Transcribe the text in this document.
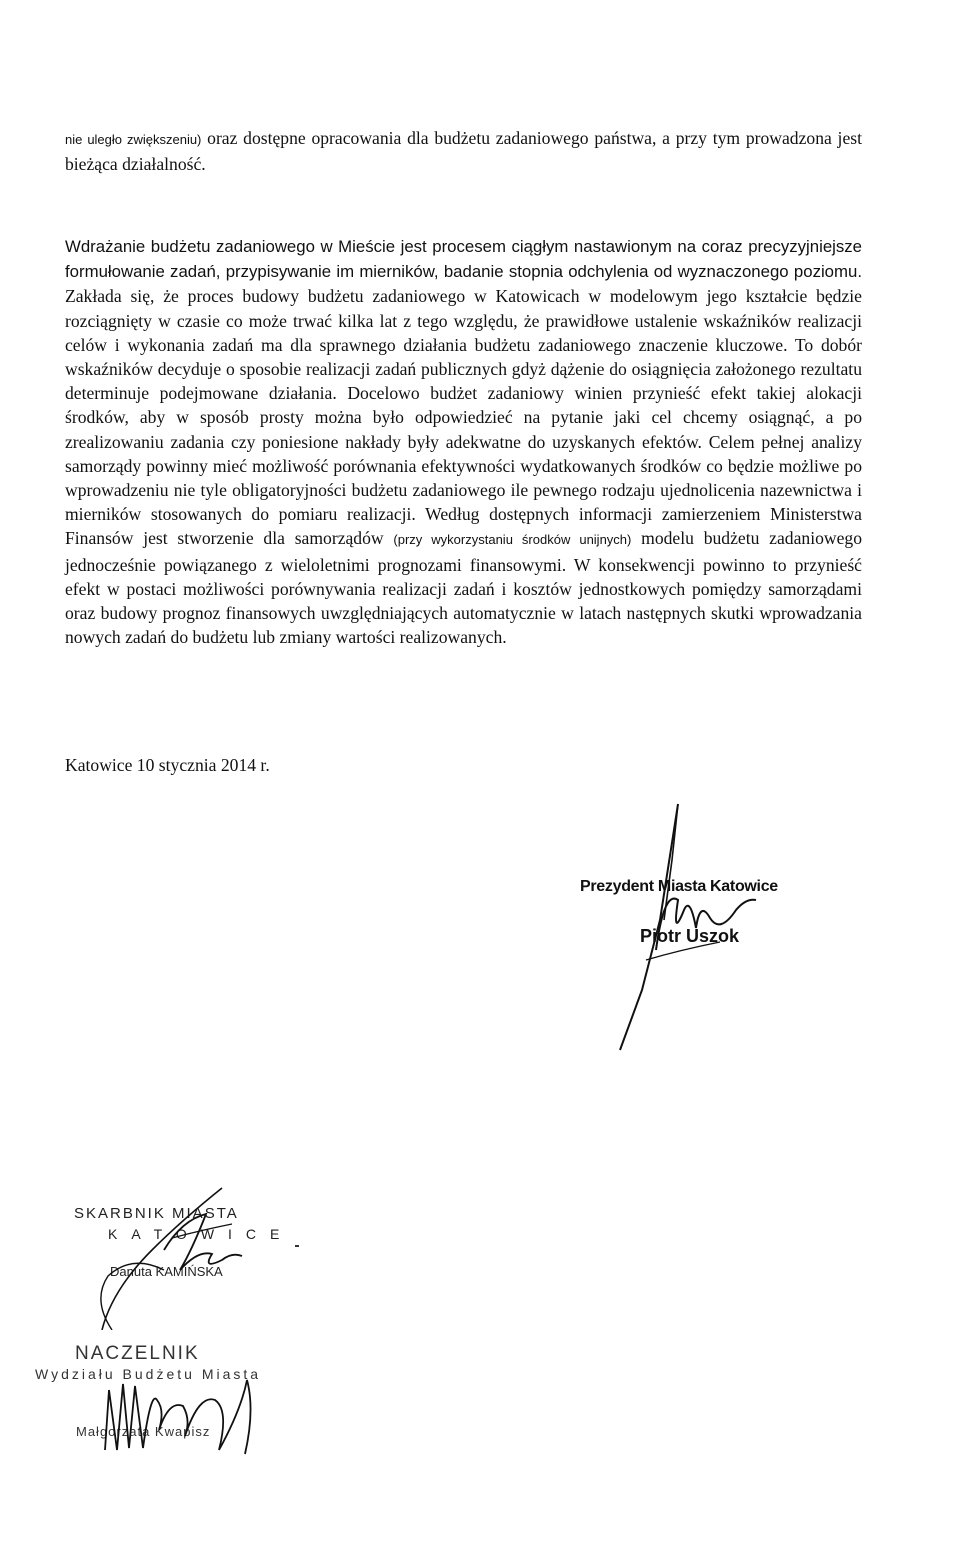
nie uległo zwiększeniu) oraz dostępne opracowania dla budżetu zadaniowego państwa, a przy tym prowadzona jest bieżąca działalność.

Wdrażanie budżetu zadaniowego w Mieście jest procesem ciągłym nastawionym na coraz precyzyjniejsze formułowanie zadań, przypisywanie im mierników, badanie stopnia odchylenia od wyznaczonego poziomu. Zakłada się, że proces budowy budżetu zadaniowego w Katowicach w modelowym jego kształcie będzie rozciągnięty w czasie co może trwać kilka lat z tego względu, że prawidłowe ustalenie wskaźników realizacji celów i wykonania zadań ma dla sprawnego działania budżetu zadaniowego znaczenie kluczowe. To dobór wskaźników decyduje o sposobie realizacji zadań publicznych gdyż dążenie do osiągnięcia założonego rezultatu determinuje podejmowane działania. Docelowo budżet zadaniowy winien przynieść efekt takiej alokacji środków, aby w sposób prosty można było odpowiedzieć na pytanie jaki cel chcemy osiągnąć, a po zrealizowaniu zadania czy poniesione nakłady były adekwatne do uzyskanych efektów. Celem pełnej analizy samorządy powinny mieć możliwość porównania efektywności wydatkowanych środków co będzie możliwe po wprowadzeniu nie tyle obligatoryjności budżetu zadaniowego ile pewnego rodzaju ujednolicenia nazewnictwa i mierników stosowanych do pomiaru realizacji. Według dostępnych informacji zamierzeniem Ministerstwa Finansów jest stworzenie dla samorządów (przy wykorzystaniu środków unijnych) modelu budżetu zadaniowego jednocześnie powiązanego z wieloletnimi prognozami finansowymi. W konsekwencji powinno to przynieść efekt w postaci możliwości porównywania realizacji zadań i kosztów jednostkowych pomiędzy samorządami oraz budowy prognoz finansowych uwzględniających automatycznie w latach następnych skutki wprowadzania nowych zadań do budżetu lub zmiany wartości realizowanych.

Katowice 10 stycznia 2014 r.
Prezydent Miasta Katowice
Piotr Uszok
SKARBNIK MIASTA
KATOWICE
Danuta KAMIŃSKA
NACZELNIK
Wydziału Budżetu Miasta
Małgorzata Kwapisz
